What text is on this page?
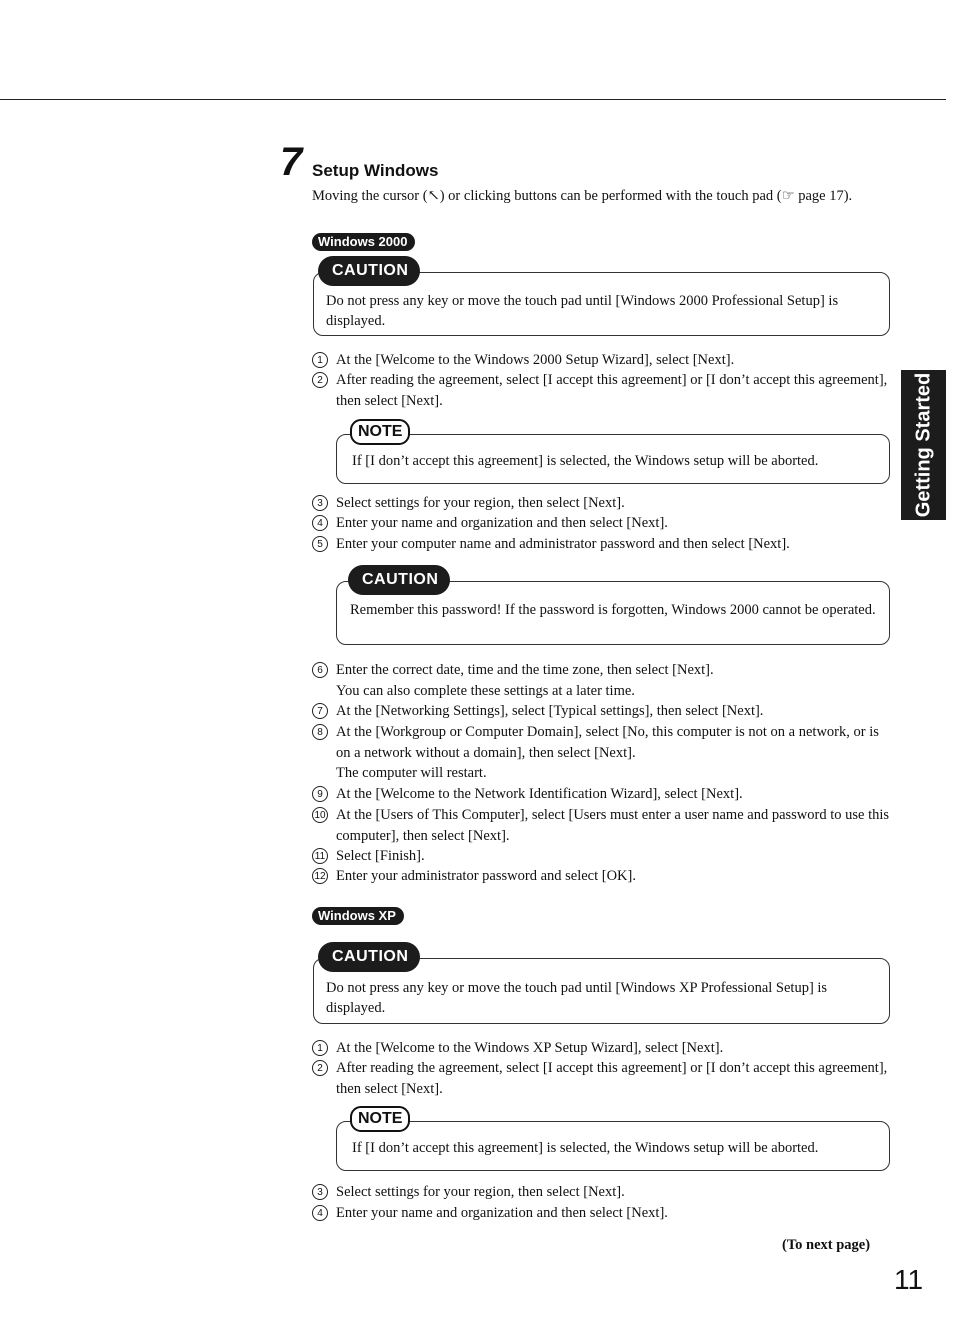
Getting Started
7 Setup Windows
Moving the cursor (↖) or clicking buttons can be performed with the touch pad (☞ page 17).
Windows 2000
CAUTION
Do not press any key or move the touch pad until [Windows 2000 Professional Setup] is displayed.
1 At the [Welcome to the Windows 2000 Setup Wizard], select [Next].
2 After reading the agreement, select [I accept this agreement] or [I don’t accept this agreement], then select [Next].
NOTE
If [I don’t accept this agreement] is selected, the Windows setup will be aborted.
3 Select settings for your region, then select [Next].
4 Enter your name and organization and then select [Next].
5 Enter your computer name and administrator password and then select [Next].
CAUTION
Remember this password! If the password is forgotten, Windows 2000 cannot be operated.
6 Enter the correct date, time and the time zone, then select [Next].
You can also complete these settings at a later time.
7 At the [Networking Settings], select [Typical settings], then select [Next].
8 At the [Workgroup or Computer Domain], select [No, this computer is not on a network, or is on a network without a domain], then select [Next].
The computer will restart.
9 At the [Welcome to the Network Identification Wizard], select [Next].
10 At the [Users of This Computer], select [Users must enter a user name and password to use this computer], then select [Next].
11 Select [Finish].
12 Enter your administrator password and select [OK].
Windows XP
CAUTION
Do not press any key or move the touch pad until [Windows XP Professional Setup] is displayed.
1 At the [Welcome to the Windows XP Setup Wizard], select [Next].
2 After reading the agreement, select [I accept this agreement] or [I don’t accept this agreement], then select [Next].
NOTE
If [I don’t accept this agreement] is selected, the Windows setup will be aborted.
3 Select settings for your region, then select [Next].
4 Enter your name and organization and then select [Next].
(To next page)
11
